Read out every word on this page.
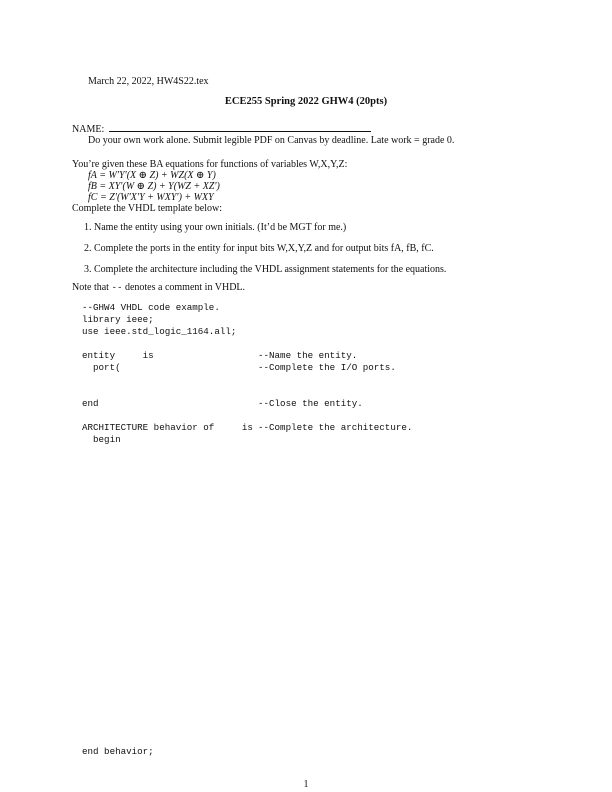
March 22, 2022, HW4S22.tex
ECE255 Spring 2022 GHW4 (20pts)
NAME:
Do your own work alone. Submit legible PDF on Canvas by deadline. Late work = grade 0.
You’re given these BA equations for functions of variables W,X,Y,Z:
fA = W′Y′(X ⊕ Z) + WZ(X ⊕ Y)
fB = XY′(W ⊕ Z) + Y(WZ + XZ′)
fC = Z′(W′X′Y + WXY′) + WXY
Complete the VHDL template below:
1. Name the entity using your own initials. (It’d be MGT for me.)
2. Complete the ports in the entity for input bits W,X,Y,Z and for output bits fA, fB, fC.
3. Complete the architecture including the VHDL assignment statements for the equations.
Note that -- denotes a comment in VHDL.
--GHW4 VHDL code example.
library ieee;
use ieee.std_logic_1164.all;
entity     is	--Name the entity.
port(	--Complete the I/O ports.
end	--Close the entity.
ARCHITECTURE behavior of     is --Complete the architecture.
begin
end behavior;
1
